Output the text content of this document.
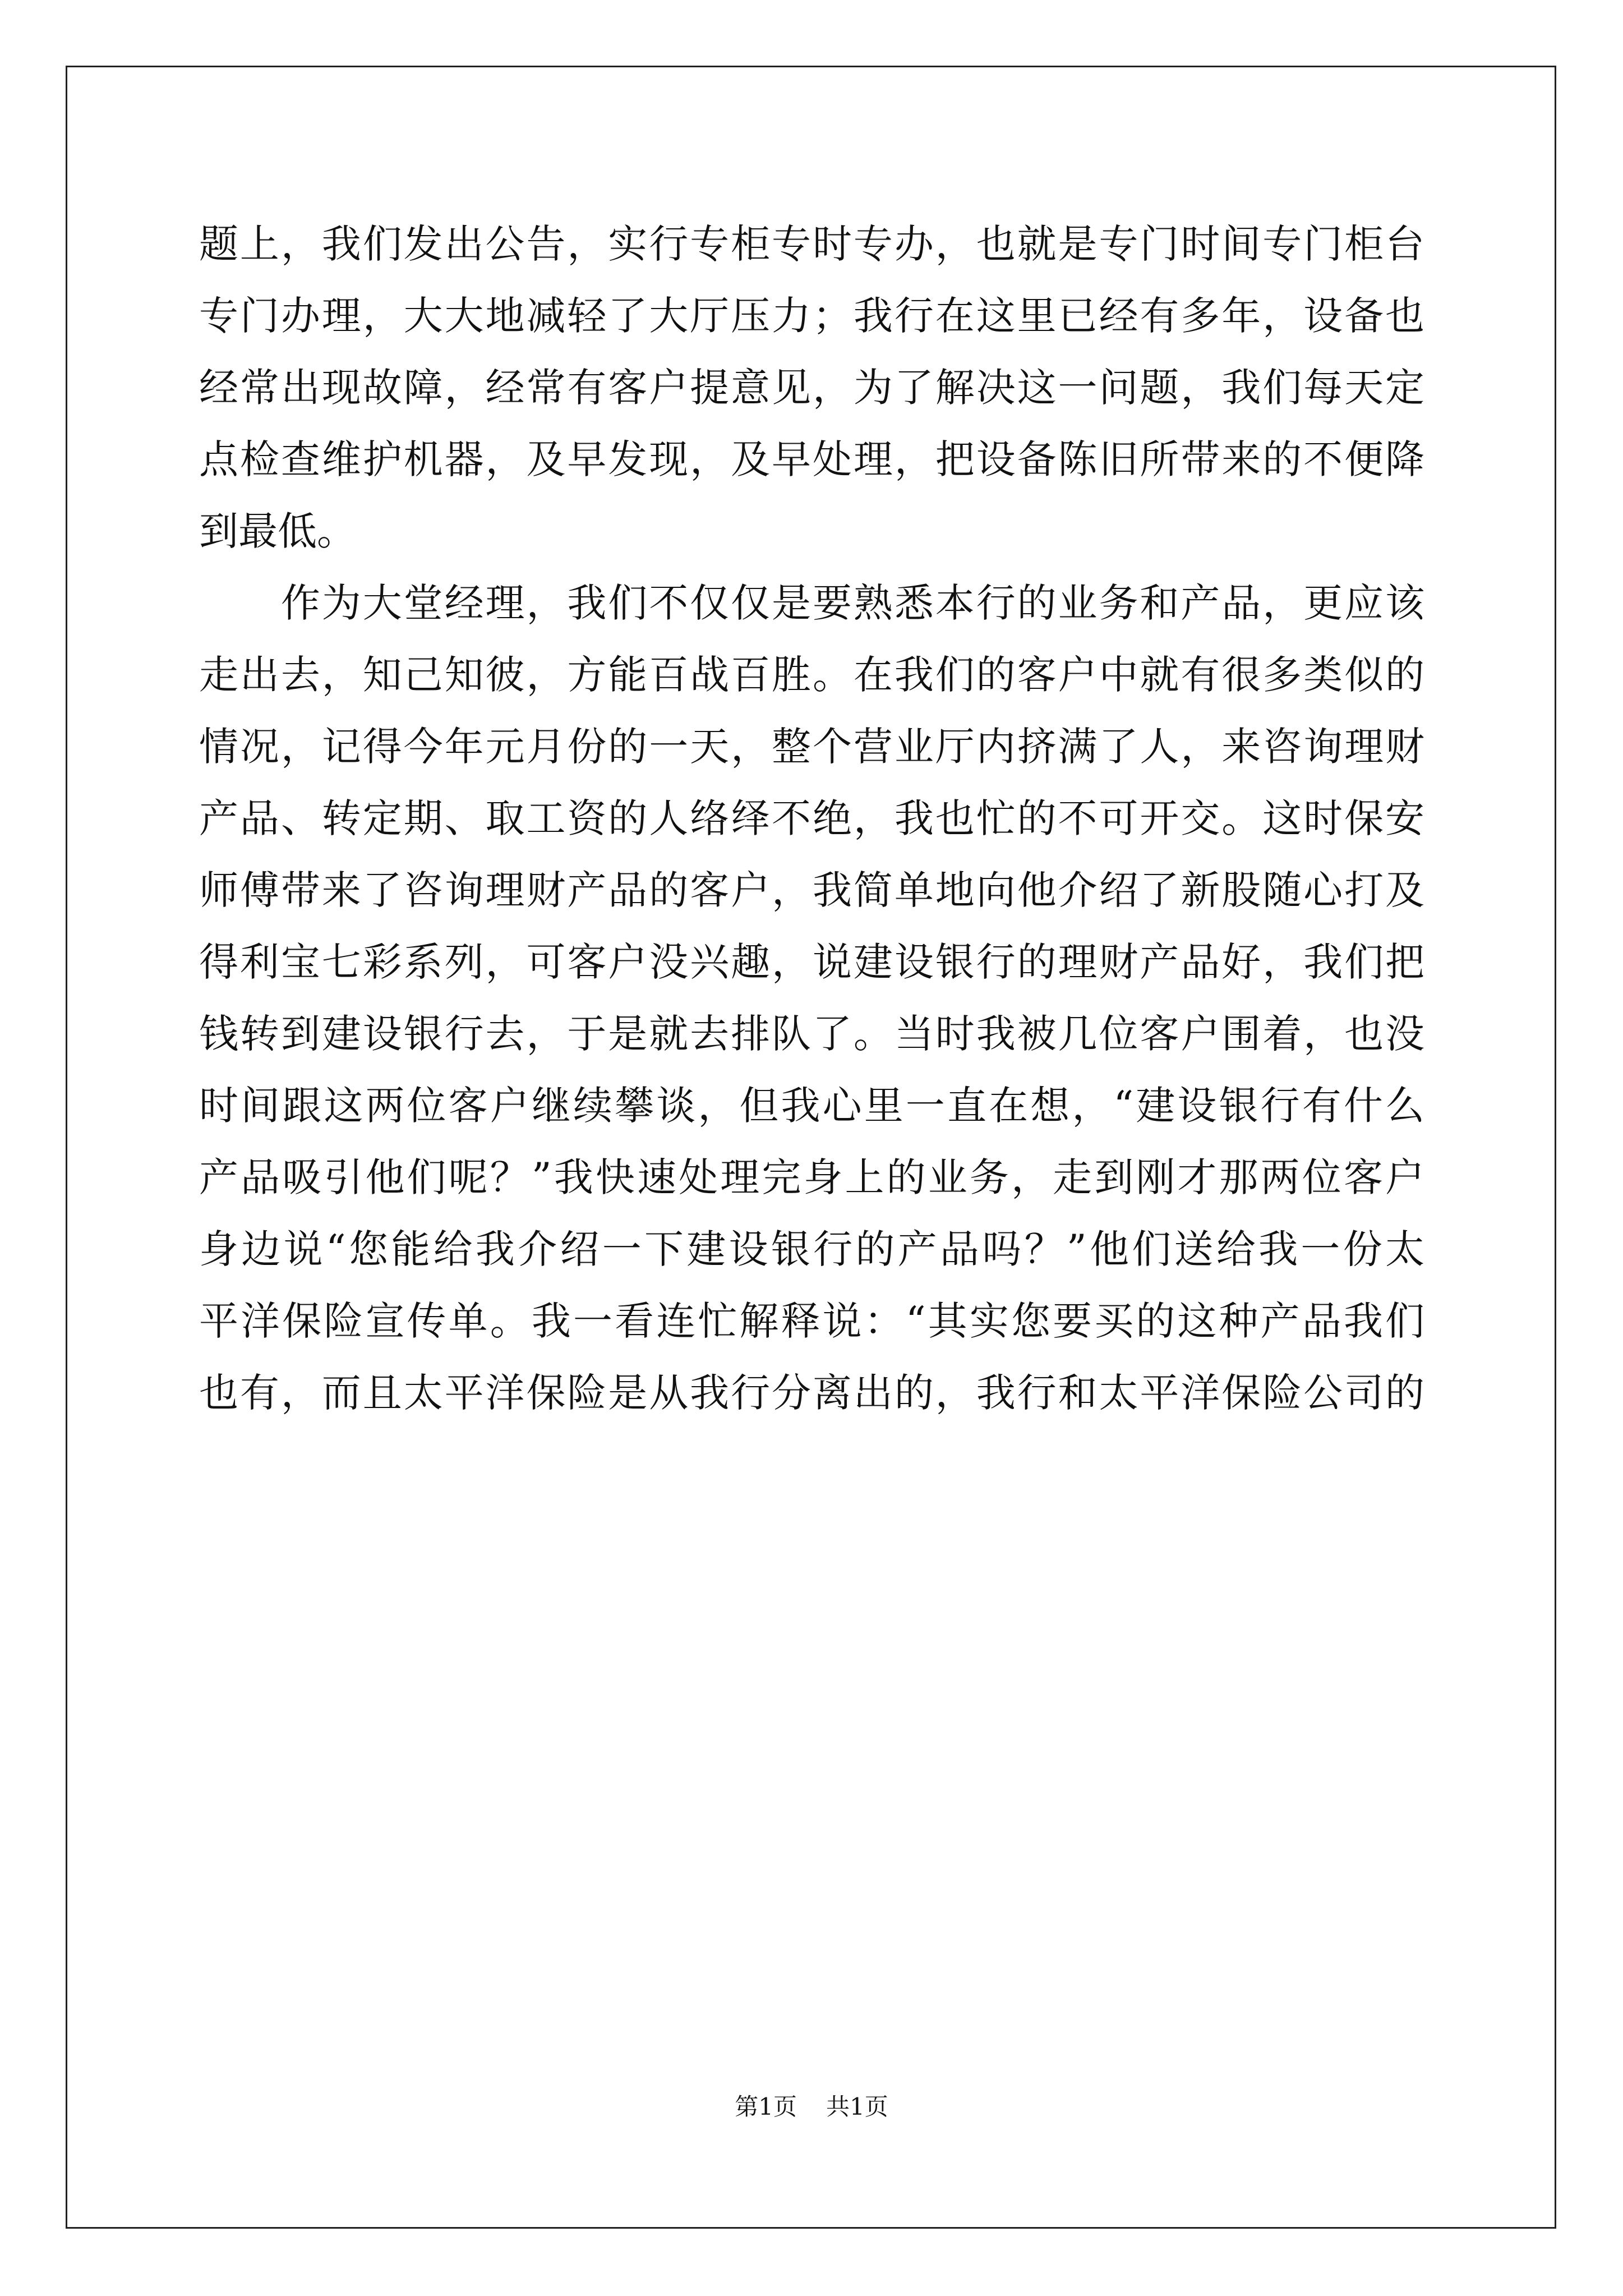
题上，我们发出公告，实行专柜专时专办，也就是专门时间专门柜台
专门办理，大大地减轻了大厅压力；我行在这里已经有多年，设备也
经常出现故障，经常有客户提意见，为了解决这一问题，我们每天定
点检查维护机器，及早发现，及早处理，把设备陈旧所带来的不便降
到最低。
　　作为大堂经理，我们不仅仅是要熟悉本行的业务和产品，更应该
走出去，知己知彼，方能百战百胜。在我们的客户中就有很多类似的
情况，记得今年元月份的一天，整个营业厅内挤满了人，来咨询理财
产品、转定期、取工资的人络绎不绝，我也忙的不可开交。这时保安
师傅带来了咨询理财产品的客户，我简单地向他介绍了新股随心打及
得利宝七彩系列，可客户没兴趣，说建设银行的理财产品好，我们把
钱转到建设银行去，于是就去排队了。当时我被几位客户围着，也没
时间跟这两位客户继续攀谈，但我心里一直在想，“建设银行有什么
产品吸引他们呢？”我快速处理完身上的业务，走到刚才那两位客户
身边说“您能给我介绍一下建设银行的产品吗？”他们送给我一份太
平洋保险宣传单。我一看连忙解释说：“其实您要买的这种产品我们
也有，而且太平洋保险是从我行分离出的，我行和太平洋保险公司的
第1页 共1页
